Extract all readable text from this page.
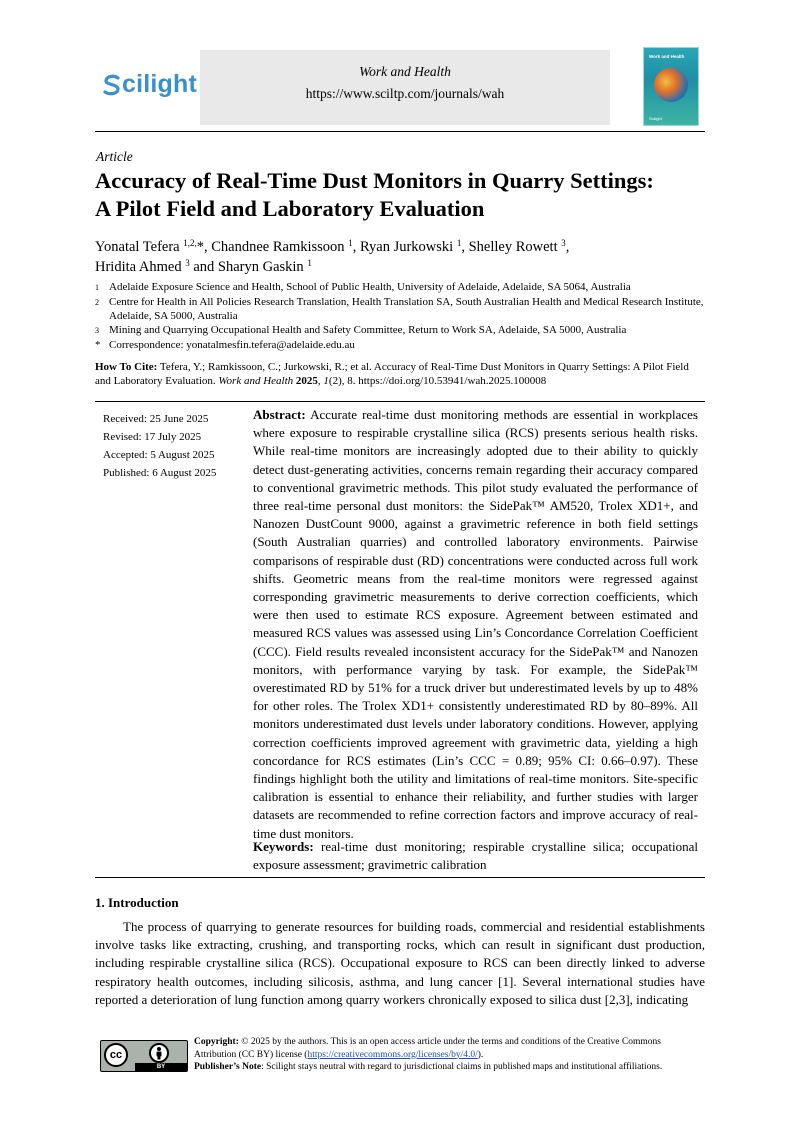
cilight	Work and Health
https://www.sciltp.com/journals/wah
Work and Health
Scilight
Article
Accuracy of Real-Time Dust Monitors in Quarry Settings:
A Pilot Field and Laboratory Evaluation
Yonatal Tefera $^{1,2,}$*, Chandnee Ramkissoon $^1$, Ryan Jurkowski $^1$, Shelley Rowett $^3$,
Hridita Ahmed $^3$ and Sharyn Gaskin $^1$
1 Adelaide Exposure Science and Health, School of Public Health, University of Adelaide, Adelaide, SA 5064, Australia
2 Centre for Health in All Policies Research Translation, Health Translation SA, South Australian Health and Medical Research Institute, Adelaide, SA 5000, Australia
3 Mining and Quarrying Occupational Health and Safety Committee, Return to Work SA, Adelaide, SA 5000, Australia
* Correspondence: yonatalmesfin.tefera@adelaide.edu.au
How To Cite: Tefera, Y.; Ramkissoon, C.; Jurkowski, R.; et al. Accuracy of Real-Time Dust Monitors in Quarry Settings: A Pilot Field and Laboratory Evaluation. Work and Health 2025, 1(2), 8. https://doi.org/10.53941/wah.2025.100008
Received: 25 June 2025
Revised: 17 July 2025
Accepted: 5 August 2025
Published: 6 August 2025
Abstract: Accurate real-time dust monitoring methods are essential in workplaces where exposure to respirable crystalline silica (RCS) presents serious health risks. While real-time monitors are increasingly adopted due to their ability to quickly detect dust-generating activities, concerns remain regarding their accuracy compared to conventional gravimetric methods. This pilot study evaluated the performance of three real-time personal dust monitors: the SidePak™ AM520, Trolex XD1+, and Nanozen DustCount 9000, against a gravimetric reference in both field settings (South Australian quarries) and controlled laboratory environments. Pairwise comparisons of respirable dust (RD) concentrations were conducted across full work shifts. Geometric means from the real-time monitors were regressed against corresponding gravimetric measurements to derive correction coefficients, which were then used to estimate RCS exposure. Agreement between estimated and measured RCS values was assessed using Lin’s Concordance Correlation Coefficient (CCC). Field results revealed inconsistent accuracy for the SidePak™ and Nanozen monitors, with performance varying by task. For example, the SidePak™ overestimated RD by 51% for a truck driver but underestimated levels by up to 48% for other roles. The Trolex XD1+ consistently underestimated RD by 80–89%. All monitors underestimated dust levels under laboratory conditions. However, applying correction coefficients improved agreement with gravimetric data, yielding a high concordance for RCS estimates (Lin’s CCC = 0.89; 95% CI: 0.66–0.97). These findings highlight both the utility and limitations of real-time monitors. Site-specific calibration is essential to enhance their reliability, and further studies with larger datasets are recommended to refine correction factors and improve accuracy of real-time dust monitors.
Keywords: real-time dust monitoring; respirable crystalline silica; occupational exposure assessment; gravimetric calibration
1. Introduction
The process of quarrying to generate resources for building roads, commercial and residential establishments involve tasks like extracting, crushing, and transporting rocks, which can result in significant dust production, including respirable crystalline silica (RCS). Occupational exposure to RCS can been directly linked to adverse respiratory health outcomes, including silicosis, asthma, and lung cancer [1]. Several international studies have reported a deterioration of lung function among quarry workers chronically exposed to silica dust [2,3], indicating
cc
BY
Copyright: © 2025 by the authors. This is an open access article under the terms and conditions of the Creative Commons Attribution (CC BY) license (https://creativecommons.org/licenses/by/4.0/).
Publisher’s Note: Scilight stays neutral with regard to jurisdictional claims in published maps and institutional affiliations.
